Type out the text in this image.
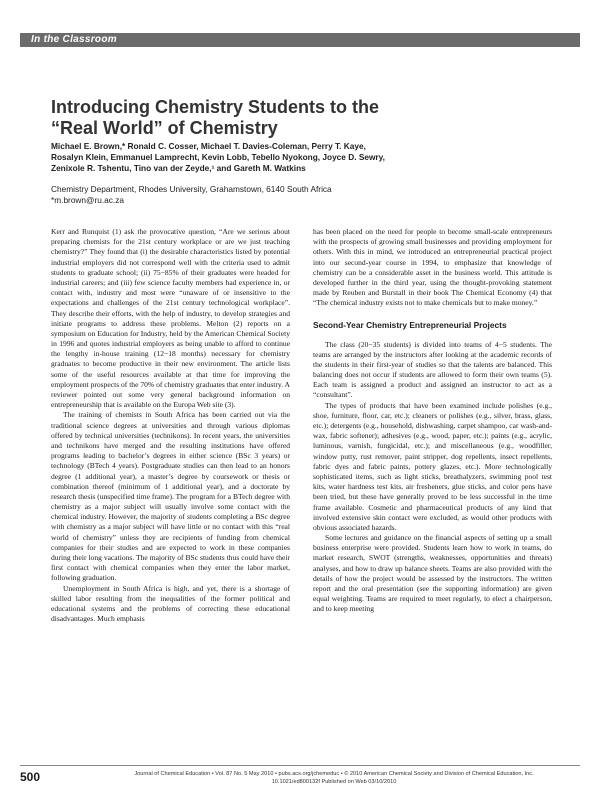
In the Classroom
Introducing Chemistry Students to the
“Real World” of Chemistry
Michael E. Brown,* Ronald C. Cosser, Michael T. Davies-Coleman, Perry T. Kaye,
Rosalyn Klein, Emmanuel Lamprecht, Kevin Lobb, Tebello Nyokong, Joyce D. Sewry,
Zenixole R. Tshentu, Tino van der Zeyde,¹ and Gareth M. Watkins
Chemistry Department, Rhodes University, Grahamstown, 6140 South Africa
*m.brown@ru.ac.za

Kerr and Runquist (1) ask the provocative question, “Are we serious about preparing chemists for the 21st century workplace or are we just teaching chemistry?” They found that (i) the desirable characteristics listed by potential industrial employers did not correspond well with the criteria used to admit students to graduate school; (ii) 75−85% of their graduates were headed for industrial careers; and (iii) few science faculty members had experience in, or contact with, industry and most were “unaware of or insensitive to the expectations and challenges of the 21st century technological workplace”. They describe their efforts, with the help of industry, to develop strategies and initiate programs to address these problems. Melton (2) reports on a symposium on Education for Industry, held by the American Chemical Society in 1996 and quotes industrial employers as being unable to afford to continue the lengthy in-house training (12−18 months) necessary for chemistry graduates to become productive in their new environment. The article lists some of the useful resources available at that time for improving the employment prospects of the 70% of chemistry graduates that enter industry. A reviewer pointed out some very general background information on entrepreneurship that is available on the Europa Web site (3).

The training of chemists in South Africa has been carried out via the traditional science degrees at universities and through various diplomas offered by technical universities (technikons). In recent years, the universities and technikons have merged and the resulting institutions have offered programs leading to bachelor’s degrees in either science (BSc 3 years) or technology (BTech 4 years). Postgraduate studies can then lead to an honors degree (1 additional year), a master’s degree by coursework or thesis or combination thereof (minimum of 1 additional year), and a doctorate by research thesis (unspecified time frame). The program for a BTech degree with chemistry as a major subject will usually involve some contact with the chemical industry. However, the majority of students completing a BSc degree with chemistry as a major subject will have little or no contact with this “real world of chemistry” unless they are recipients of funding from chemical companies for their studies and are expected to work in these companies during their long vacations. The majority of BSc students thus could have their first contact with chemical companies when they enter the labor market, following graduation.

Unemployment in South Africa is high, and yet, there is a shortage of skilled labor resulting from the inequalities of the former political and educational systems and the problems of correcting these educational disadvantages. Much emphasis

has been placed on the need for people to become small-scale entrepreneurs with the prospects of growing small businesses and providing employment for others. With this in mind, we introduced an entrepreneurial practical project into our second-year course in 1994, to emphasize that knowledge of chemistry can be a considerable asset in the business world. This attitude is developed further in the third year, using the thought-provoking statement made by Reuben and Burstall in their book The Chemical Economy (4) that “The chemical industry exists not to make chemicals but to make money.”

Second-Year Chemistry Entrepreneurial Projects

The class (20−35 students) is divided into teams of 4−5 students. The teams are arranged by the instructors after looking at the academic records of the students in their first-year of studies so that the talents are balanced. This balancing does not occur if students are allowed to form their own teams (5). Each team is assigned a product and assigned an instructor to act as a “consultant”.

The types of products that have been examined include polishes (e.g., shoe, furniture, floor, car, etc.); cleaners or polishes (e.g., silver, brass, glass, etc.); detergents (e.g., household, dishwashing, carpet shampoo, car wash-and-wax, fabric softener); adhesives (e.g., wood, paper, etc.); paints (e.g., acrylic, luminous, varnish, fungicidal, etc.); and miscellaneous (e.g., woodfiller, window putty, rust remover, paint stripper, dog repellents, insect repellents, fabric dyes and fabric paints, pottery glazes, etc.). More technologically sophisticated items, such as light sticks, breathalyzers, swimming pool test kits, water hardness test kits, air fresheners, glue sticks, and color pens have been tried, but these have generally proved to be less successful in the time frame available. Cosmetic and pharmaceutical products of any kind that involved extensive skin contact were excluded, as would other products with obvious associated hazards.

Some lectures and guidance on the financial aspects of setting up a small business enterprise were provided. Students learn how to work in teams, do market research, SWOT (strengths, weaknesses, opportunities and threats) analyses, and how to draw up balance sheets. Teams are also provided with the details of how the project would be assessed by the instructors. The written report and the oral presentation (see the supporting information) are given equal weighting. Teams are required to meet regularly, to elect a chairperson, and to keep meeting

500	Journal of Chemical Education • Vol. 87 No. 5 May 2010 • pubs.acs.org/jchemeduc • © 2010 American Chemical Society and Division of Chemical Education, Inc.
10.1021/ed800132f Published on Web 03/10/2010
